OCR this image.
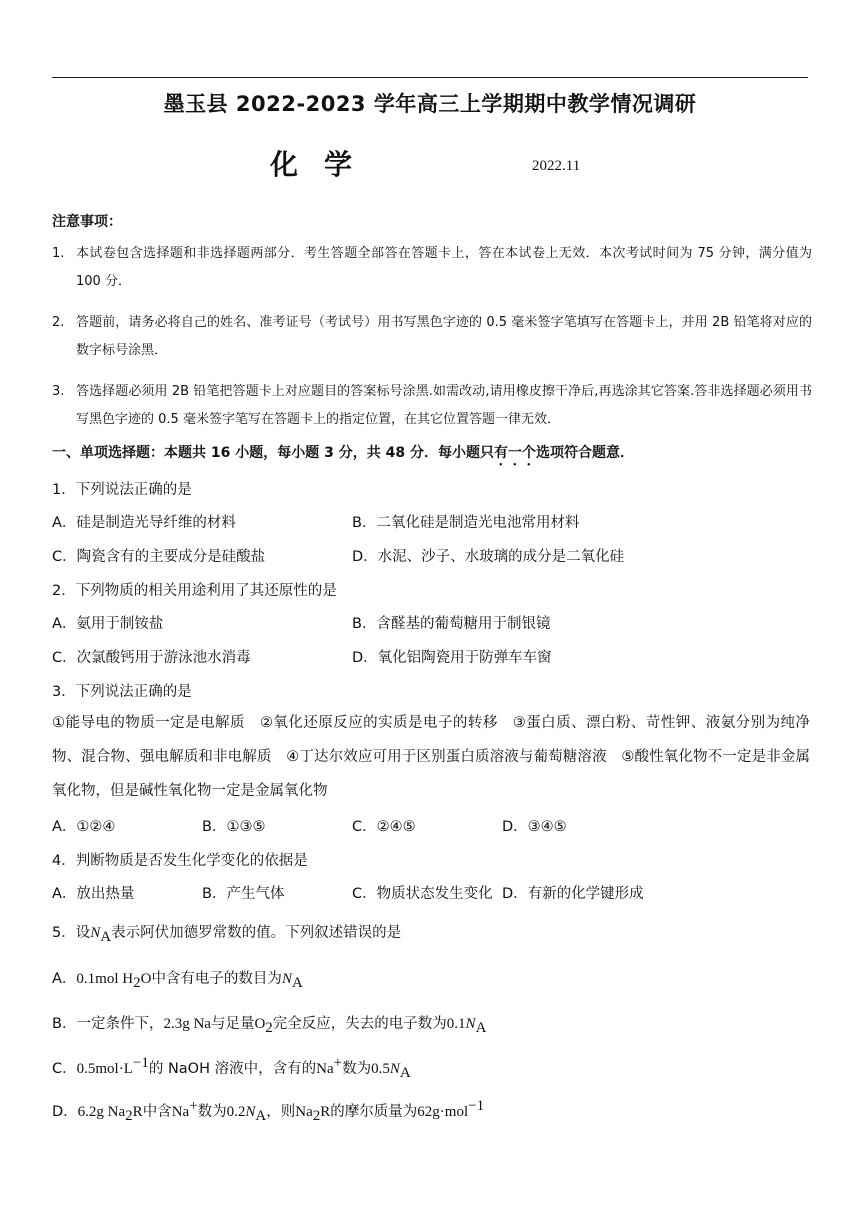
墨玉县 2022-2023 学年高三上学期期中教学情况调研
化学	2022.11
注意事项：
1. 本试卷包含选择题和非选择题两部分．考生答题全部答在答题卡上，答在本试卷上无效．本次考试时间为 75 分钟，满分值为 100 分．
2. 答题前，请务必将自己的姓名、准考证号（考试号）用书写黑色字迹的 0.5 毫米签字笔填写在答题卡上，并用 2B 铅笔将对应的数字标号涂黑．
3. 答选择题必须用 2B 铅笔把答题卡上对应题目的答案标号涂黑.如需改动,请用橡皮擦干净后,再选涂其它答案.答非选择题必须用书写黑色字迹的 0.5 毫米签字笔写在答题卡上的指定位置，在其它位置答题一律无效．
一、单项选择题：本题共 16 小题，每小题 3 分，共 48 分．每小题只有一个选项符合题意．
1．下列说法正确的是
A．硅是制造光导纤维的材料	B．二氧化硅是制造光电池常用材料
C．陶瓷含有的主要成分是硅酸盐	D．水泥、沙子、水玻璃的成分是二氧化硅
2．下列物质的相关用途利用了其还原性的是
A．氨用于制铵盐	B．含醛基的葡萄糖用于制银镜
C．次氯酸钙用于游泳池水消毒	D．氧化铝陶瓷用于防弹车车窗
3．下列说法正确的是
①能导电的物质一定是电解质　②氧化还原反应的实质是电子的转移　③蛋白质、漂白粉、苛性钾、液氨分别为纯净物、混合物、强电解质和非电解质　④丁达尔效应可用于区别蛋白质溶液与葡萄糖溶液　⑤酸性氧化物不一定是非金属氧化物，但是碱性氧化物一定是金属氧化物
A．①②④	B．①③⑤	C．②④⑤	D．③④⑤
4．判断物质是否发生化学变化的依据是
A．放出热量	B．产生气体	C．物质状态发生变化 D．有新的化学键形成
5．设$N_A$表示阿伏加德罗常数的值。下列叙述错误的是
A．0.1mol $H_2O$中含有电子的数目为$N_A$
B．一定条件下，2.3g Na与足量$O_2$完全反应，失去的电子数为$0.1N_A$
C．$0.5mol\cdot L^{-1}$的 NaOH 溶液中，含有的Na+数为$0.5N_A$
D．6.2g $Na_2R$中含Na+数为$0.2N_A$，则$Na_2R$的摩尔质量为62g·mol$^{-1}$
